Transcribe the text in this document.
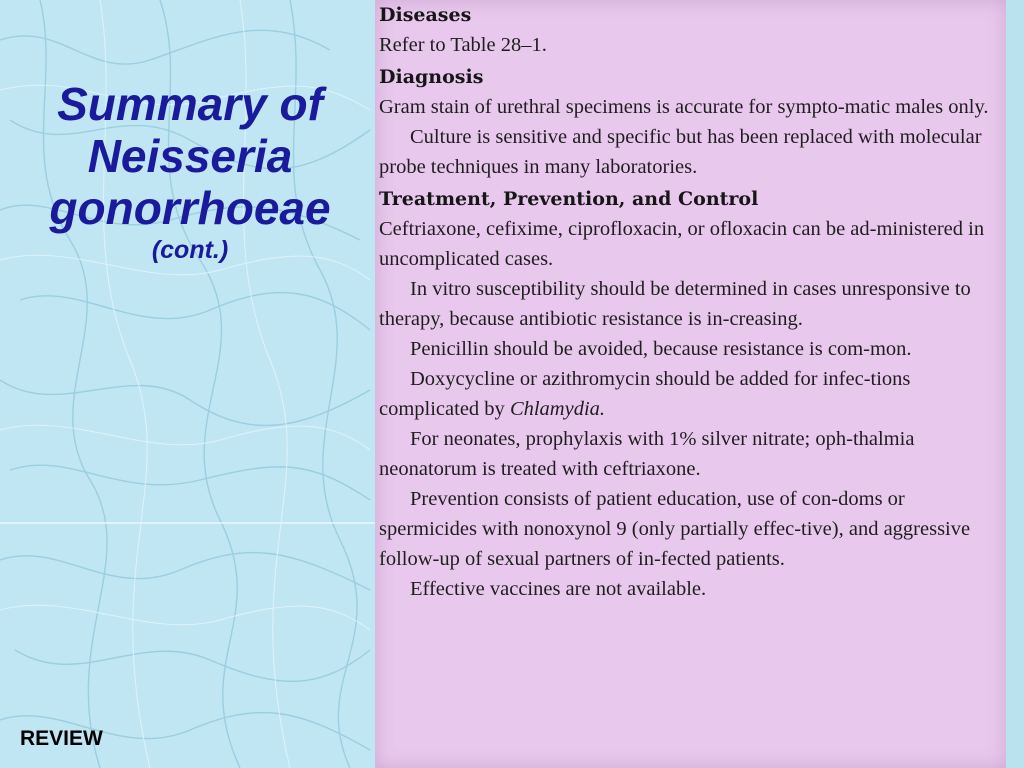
Summary of
Neisseria
gonorrhoeae
(cont.)
REVIEW
Diseases

Refer to Table 28–1.

Diagnosis

Gram stain of urethral specimens is accurate for sympto-matic males only.

Culture is sensitive and specific but has been replaced with molecular probe techniques in many laboratories.

Treatment, Prevention, and Control

Ceftriaxone, cefixime, ciprofloxacin, or ofloxacin can be ad-ministered in uncomplicated cases.

In vitro susceptibility should be determined in cases unresponsive to therapy, because antibiotic resistance is in-creasing.

Penicillin should be avoided, because resistance is com-mon.

Doxycycline or azithromycin should be added for infec-tions complicated by Chlamydia.

For neonates, prophylaxis with 1% silver nitrate; oph-thalmia neonatorum is treated with ceftriaxone.

Prevention consists of patient education, use of con-doms or spermicides with nonoxynol 9 (only partially effec-tive), and aggressive follow-up of sexual partners of in-fected patients.

Effective vaccines are not available.
